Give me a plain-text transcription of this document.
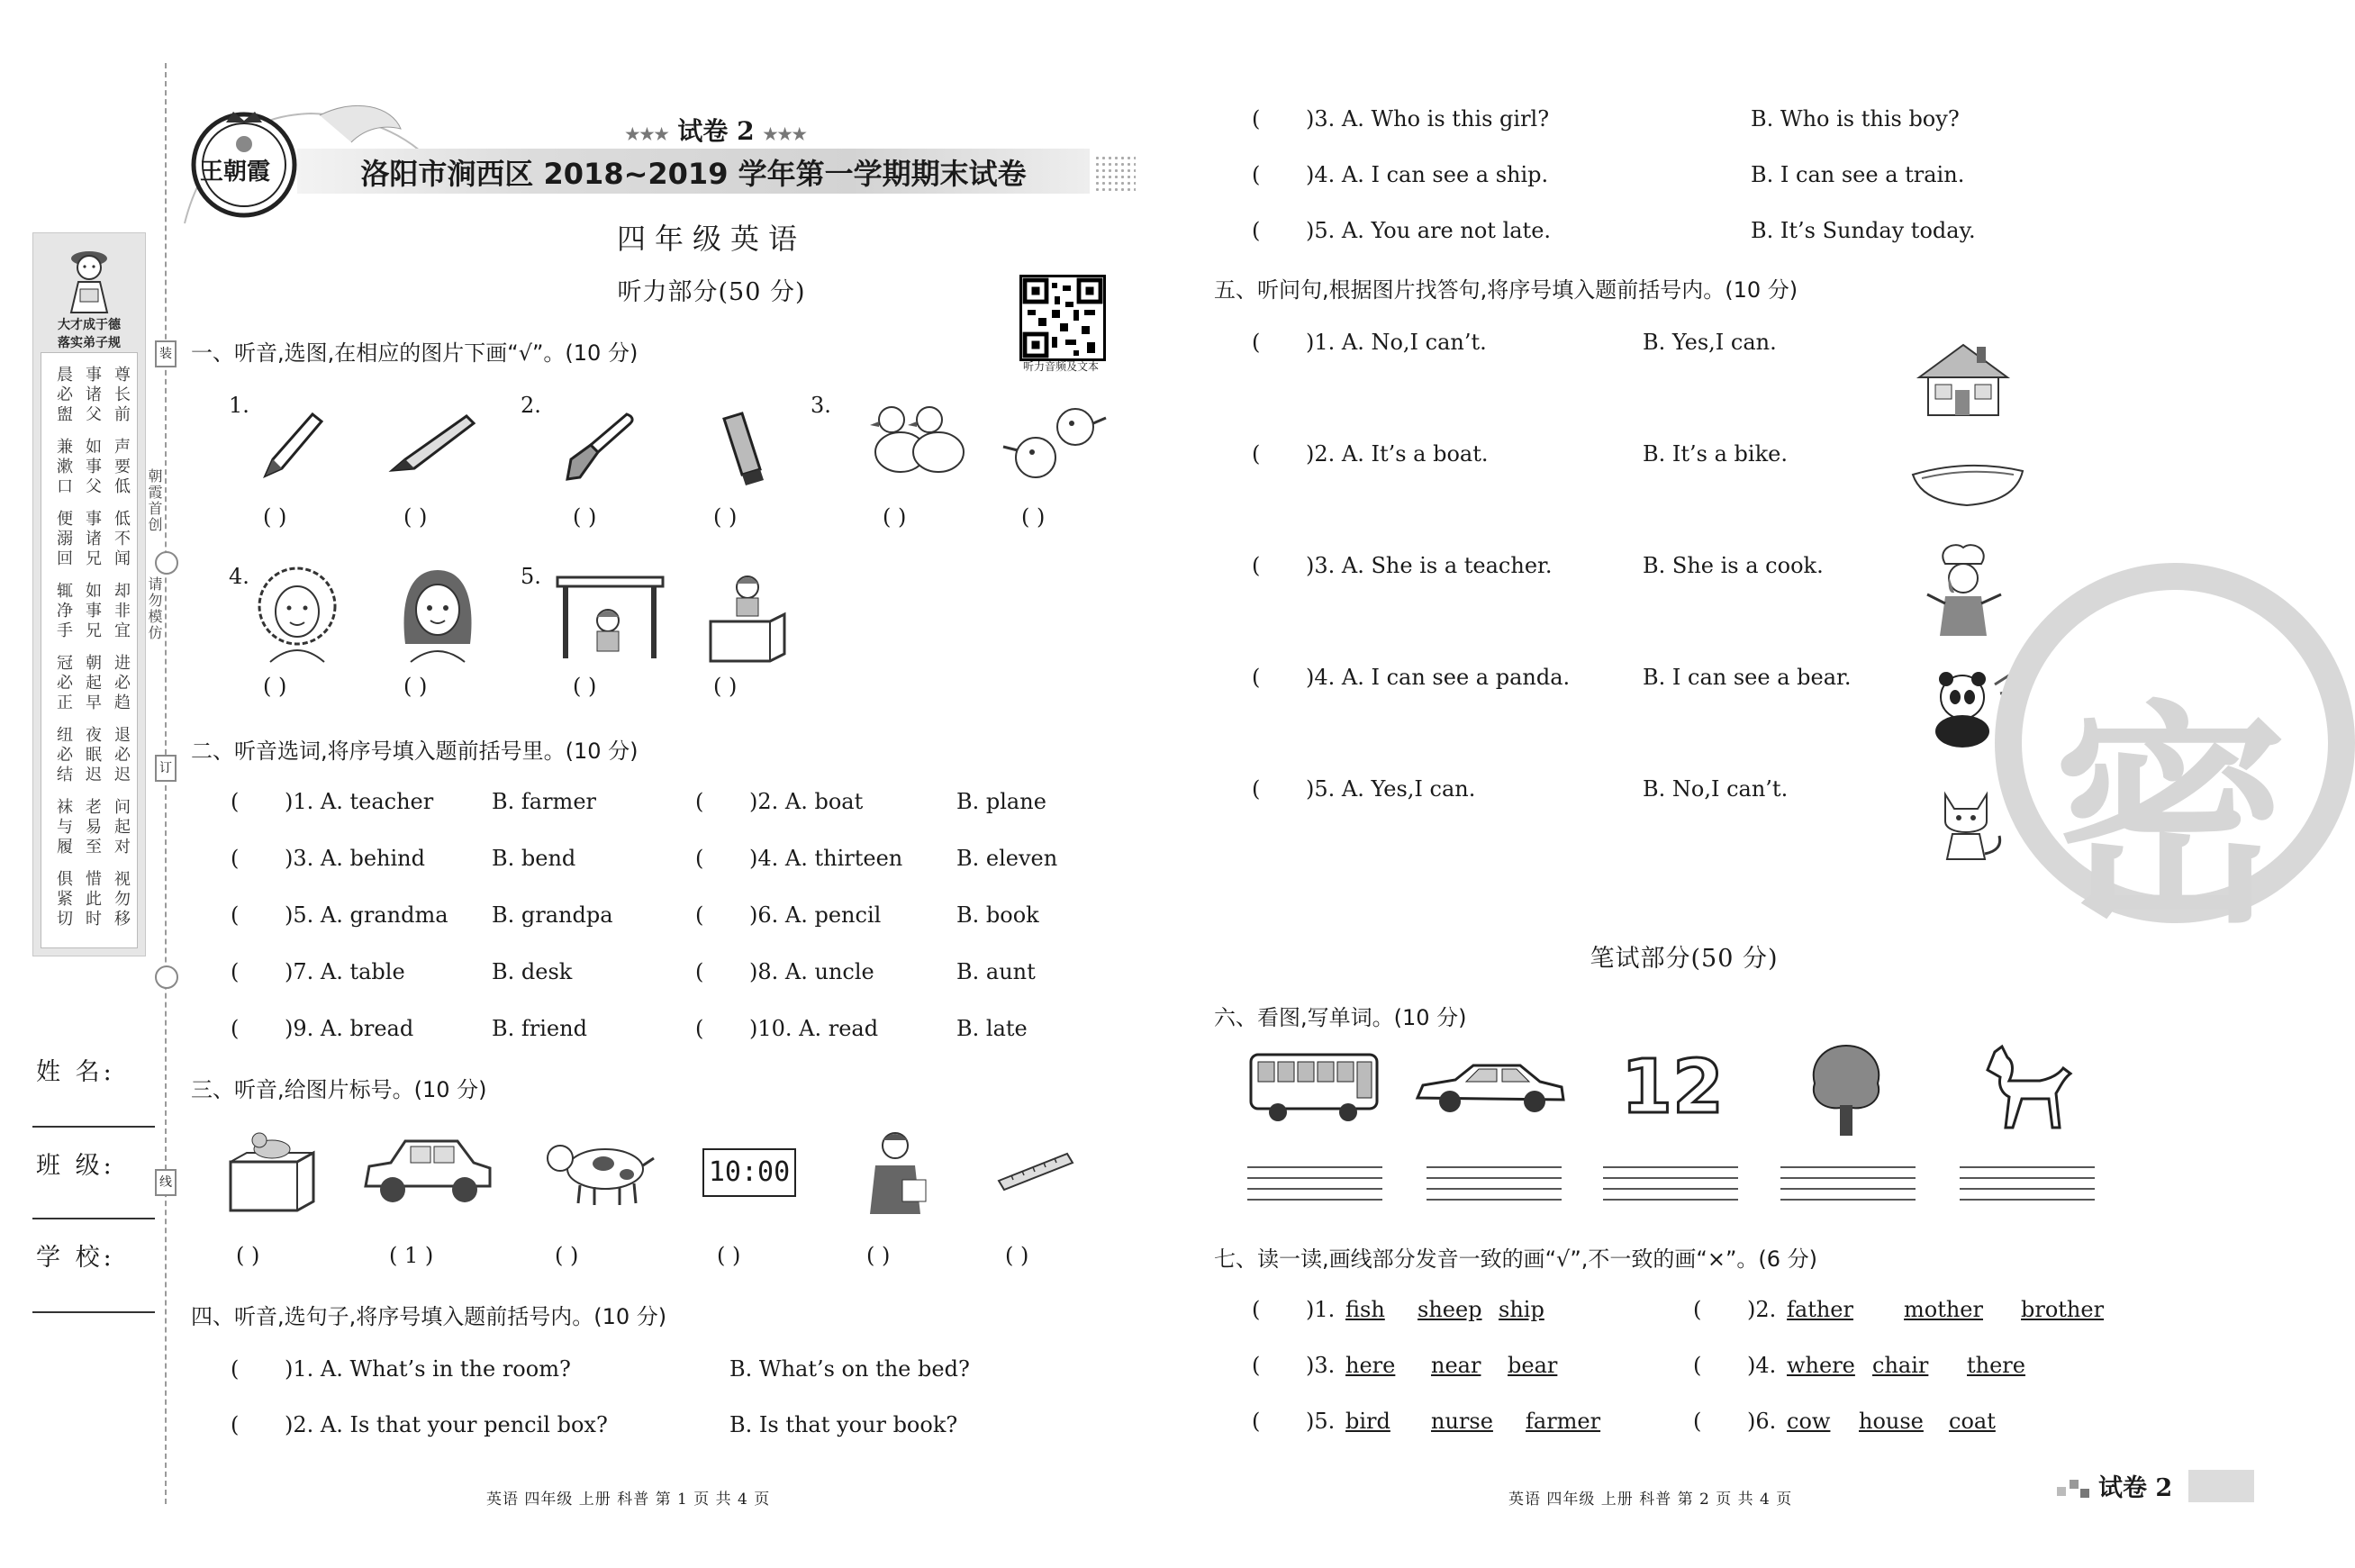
装
订
线
朝霞首创
请勿模仿
大才成于德
落实弟子规
晨必盥 事诸父 尊长前
兼漱口 如事父 声要低
便溺回 事诸兄 低不闻
辄净手 如事兄 却非宜
冠必正 朝起早 进必趋
纽必结 夜眠迟 退必迟
袜与履 老易至 问起对
俱紧切 惜此时 视勿移
姓 名:
班 级:
学 校:
王朝霞
★★★ 试卷 2 ★★★
洛阳市涧西区 2018~2019 学年第一学期期末试卷
四年级英语
听力部分(50 分)
听力音频及文本
一、听音,选图,在相应的图片下画“√”。(10 分)
1.	2.	3.
4.	5.
( )	( )	( )	( )	( )	( )
( )	( )	( )	( )
二、听音选词,将序号填入题前括号里。(10 分)
( )1. A. teacher	B. farmer	( )2. A. boat	B. plane
( )3. A. behind	B. bend	( )4. A. thirteen B. eleven
( )5. A. grandma B. grandpa	( )6. A. pencil	B. book
( )7. A. table	B. desk	( )8. A. uncle	B. aunt
( )9. A. bread	B. friend	( )10. A. read	B. late
三、听音,给图片标号。(10 分)
10:00
( )	( 1 )	( )	( )	( )	( )
四、听音,选句子,将序号填入题前括号内。(10 分)
( )1. A. What’s in the room?	B. What’s on the bed?
( )2. A. Is that your pencil box?	B. Is that your book?
( )3. A. Who is this girl?	B. Who is this boy?
( )4. A. I can see a ship.	B. I can see a train.
( )5. A. You are not late.	B. It’s Sunday today.
五、听问句,根据图片找答句,将序号填入题前括号内。(10 分)
( )1. A. No,I can’t.	B. Yes,I can.
( )2. A. It’s a boat.	B. It’s a bike.
( )3. A. She is a teacher.	B. She is a cook.
( )4. A. I can see a panda.	B. I can see a bear.
( )5. A. Yes,I can.	B. No,I can’t. 密
笔试部分(50 分)
六、看图,写单词。(10 分)
12
七、读一读,画线部分发音一致的画“√”,不一致的画“×”。(6 分)
( )1. fish sheep ship	( )2. father mother brother
( )3. here near bear	( )4. where chair there
( )5. bird nurse farmer	( )6. cow house coat
英语 四年级 上册 科普 第 1 页 共 4 页	英语 四年级 上册 科普 第 2 页 共 4 页	试卷 2
